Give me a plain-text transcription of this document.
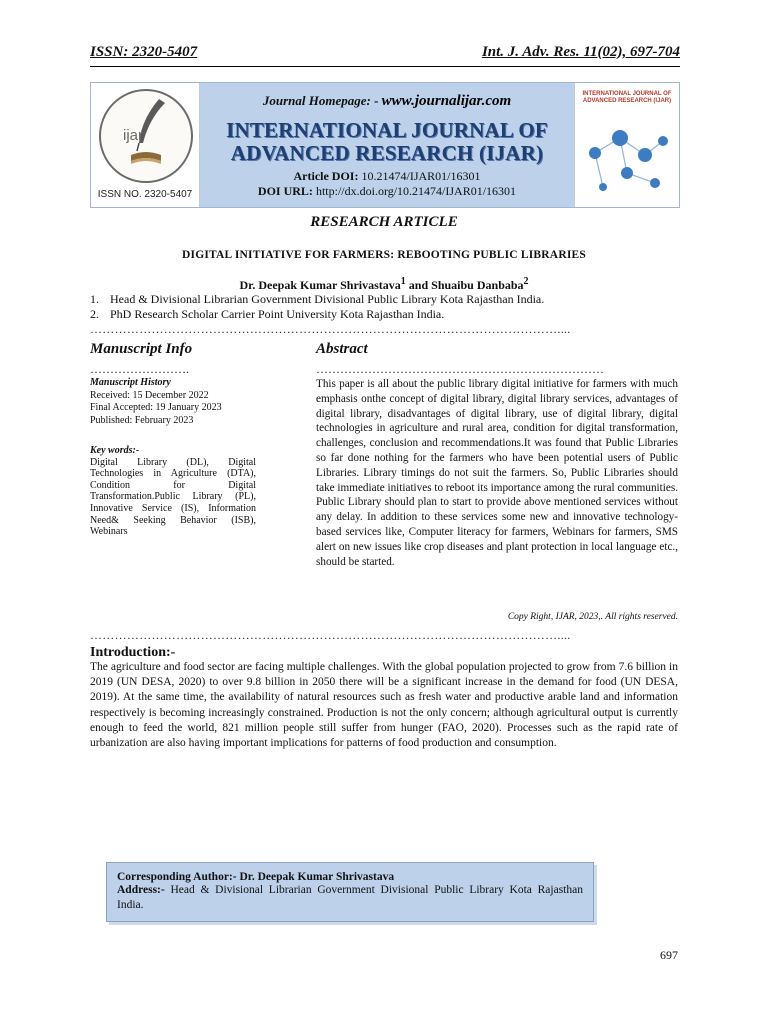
ISSN: 2320-5407	Int. J. Adv. Res. 11(02), 697-704
ijar
ISSN NO. 2320-5407
Journal Homepage: - www.journalijar.com
INTERNATIONAL JOURNAL OF ADVANCED RESEARCH (IJAR)
Article DOI: 10.21474/IJAR01/16301
DOI URL: http://dx.doi.org/10.21474/IJAR01/16301
INTERNATIONAL JOURNAL OF ADVANCED RESEARCH (IJAR)
RESEARCH ARTICLE
DIGITAL INITIATIVE FOR FARMERS: REBOOTING PUBLIC LIBRARIES
Dr. Deepak Kumar Shrivastava$^1$ and Shuaibu Danbaba$^2$
1. Head & Divisional Librarian Government Divisional Public Library Kota Rajasthan India.
2. PhD Research Scholar Carrier Point University Kota Rajasthan India.
……………………………………………………………………………………………………....
Manuscript Info	Abstract
…………………….	………………………………………………………………
Manuscript History
Received: 15 December 2022
Final Accepted: 19 January 2023
Published: February 2023
Key words:-
Digital Library (DL), Digital Technologies in Agriculture (DTA), Condition for Digital Transformation.Public Library (PL), Innovative Service (IS), Information Need& Seeking Behavior (ISB), Webinars
This paper is all about the public library digital initiative for farmers with much emphasis onthe concept of digital library, digital library services, advantages of digital library, disadvantages of digital library, use of digital library, digital technologies in agriculture and rural area, condition for digital transformation, challenges, conclusion and recommendations.It was found that Public Libraries so far done nothing for the farmers who have been potential users of Public Libraries. Library timings do not suit the farmers. So, Public Libraries should take immediate initiatives to reboot its importance among the rural communities. Public Library should plan to start to provide above mentioned services without any delay. In addition to these services some new and innovative technology-based services like, Computer literacy for farmers, Webinars for farmers, SMS alert on new issues like crop diseases and plant protection in local language etc., should be started.
Copy Right, IJAR, 2023,. All rights reserved.
……………………………………………………………………………………………………....
Introduction:-
The agriculture and food sector are facing multiple challenges. With the global population projected to grow from 7.6 billion in 2019 (UN DESA, 2020) to over 9.8 billion in 2050 there will be a significant increase in the demand for food (UN DESA, 2019). At the same time, the availability of natural resources such as fresh water and productive arable land and information respectively is becoming increasingly constrained. Production is not the only concern; although agricultural output is currently enough to feed the world, 821 million people still suffer from hunger (FAO, 2020). Processes such as the rapid rate of urbanization are also having important implications for patterns of food production and consumption.
Corresponding Author:- Dr. Deepak Kumar Shrivastava
Address:- Head & Divisional Librarian Government Divisional Public Library Kota Rajasthan India.
697
